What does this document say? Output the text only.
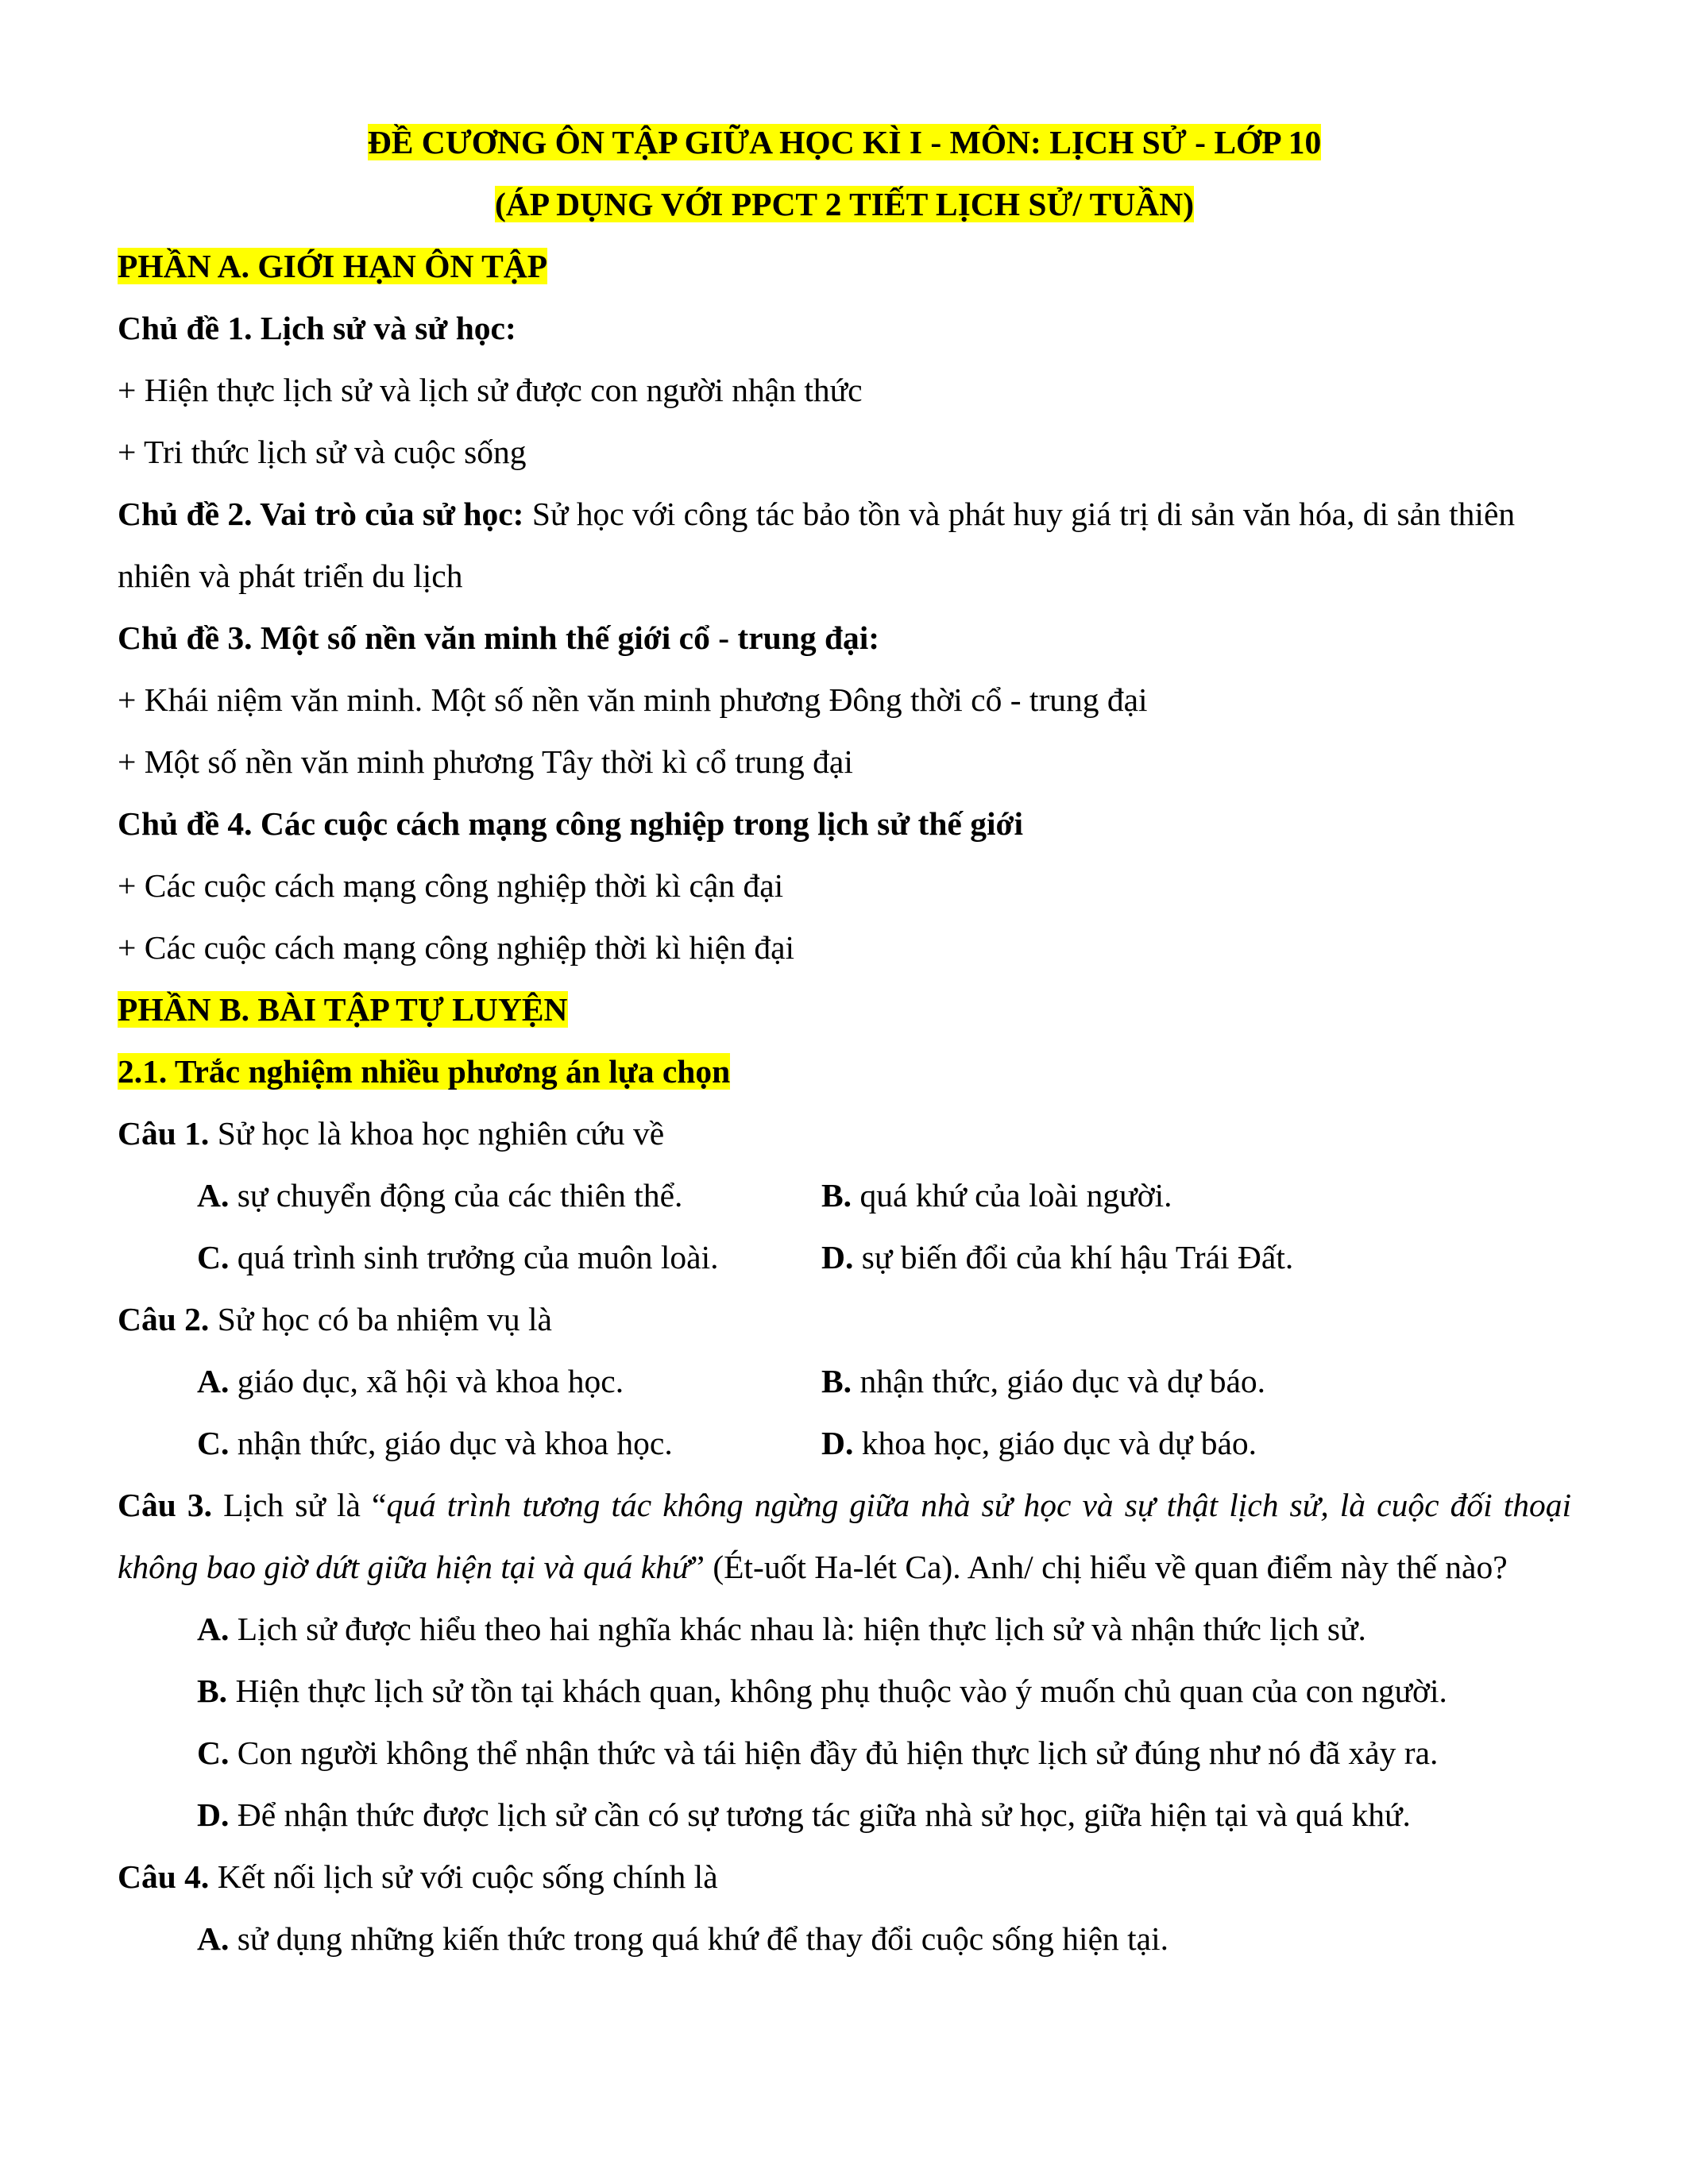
ĐỀ CƯƠNG ÔN TẬP GIỮA HỌC KÌ I - MÔN: LỊCH SỬ - LỚP 10
(ÁP DỤNG VỚI PPCT 2 TIẾT LỊCH SỬ/ TUẦN)
PHẦN A. GIỚI HẠN ÔN TẬP
Chủ đề 1. Lịch sử và sử học:
+ Hiện thực lịch sử và lịch sử được con người nhận thức
+ Tri thức lịch sử và cuộc sống
Chủ đề 2. Vai trò của sử học: Sử học với công tác bảo tồn và phát huy giá trị di sản văn hóa, di sản thiên nhiên và phát triển du lịch
Chủ đề 3. Một số nền văn minh thế giới cổ - trung đại:
+ Khái niệm văn minh. Một số nền văn minh phương Đông thời cổ - trung đại
+ Một số nền văn minh phương Tây thời kì cổ trung đại
Chủ đề 4. Các cuộc cách mạng công nghiệp trong lịch sử thế giới
+ Các cuộc cách mạng công nghiệp thời kì cận đại
+ Các cuộc cách mạng công nghiệp thời kì hiện đại
PHẦN B. BÀI TẬP TỰ LUYỆN
2.1. Trắc nghiệm nhiều phương án lựa chọn
Câu 1. Sử học là khoa học nghiên cứu về
A. sự chuyển động của các thiên thể.	B. quá khứ của loài người.
C. quá trình sinh trưởng của muôn loài.	D. sự biến đổi của khí hậu Trái Đất.
Câu 2. Sử học có ba nhiệm vụ là
A. giáo dục, xã hội và khoa học.	B. nhận thức, giáo dục và dự báo.
C. nhận thức, giáo dục và khoa học.	D. khoa học, giáo dục và dự báo.
Câu 3. Lịch sử là “quá trình tương tác không ngừng giữa nhà sử học và sự thật lịch sử, là cuộc đối thoại không bao giờ dứt giữa hiện tại và quá khứ” (Ét-uốt Ha-lét Ca). Anh/ chị hiểu về quan điểm này thế nào?
A. Lịch sử được hiểu theo hai nghĩa khác nhau là: hiện thực lịch sử và nhận thức lịch sử.
B. Hiện thực lịch sử tồn tại khách quan, không phụ thuộc vào ý muốn chủ quan của con người.
C. Con người không thể nhận thức và tái hiện đầy đủ hiện thực lịch sử đúng như nó đã xảy ra.
D. Để nhận thức được lịch sử cần có sự tương tác giữa nhà sử học, giữa hiện tại và quá khứ.
Câu 4. Kết nối lịch sử với cuộc sống chính là
A. sử dụng những kiến thức trong quá khứ để thay đổi cuộc sống hiện tại.
